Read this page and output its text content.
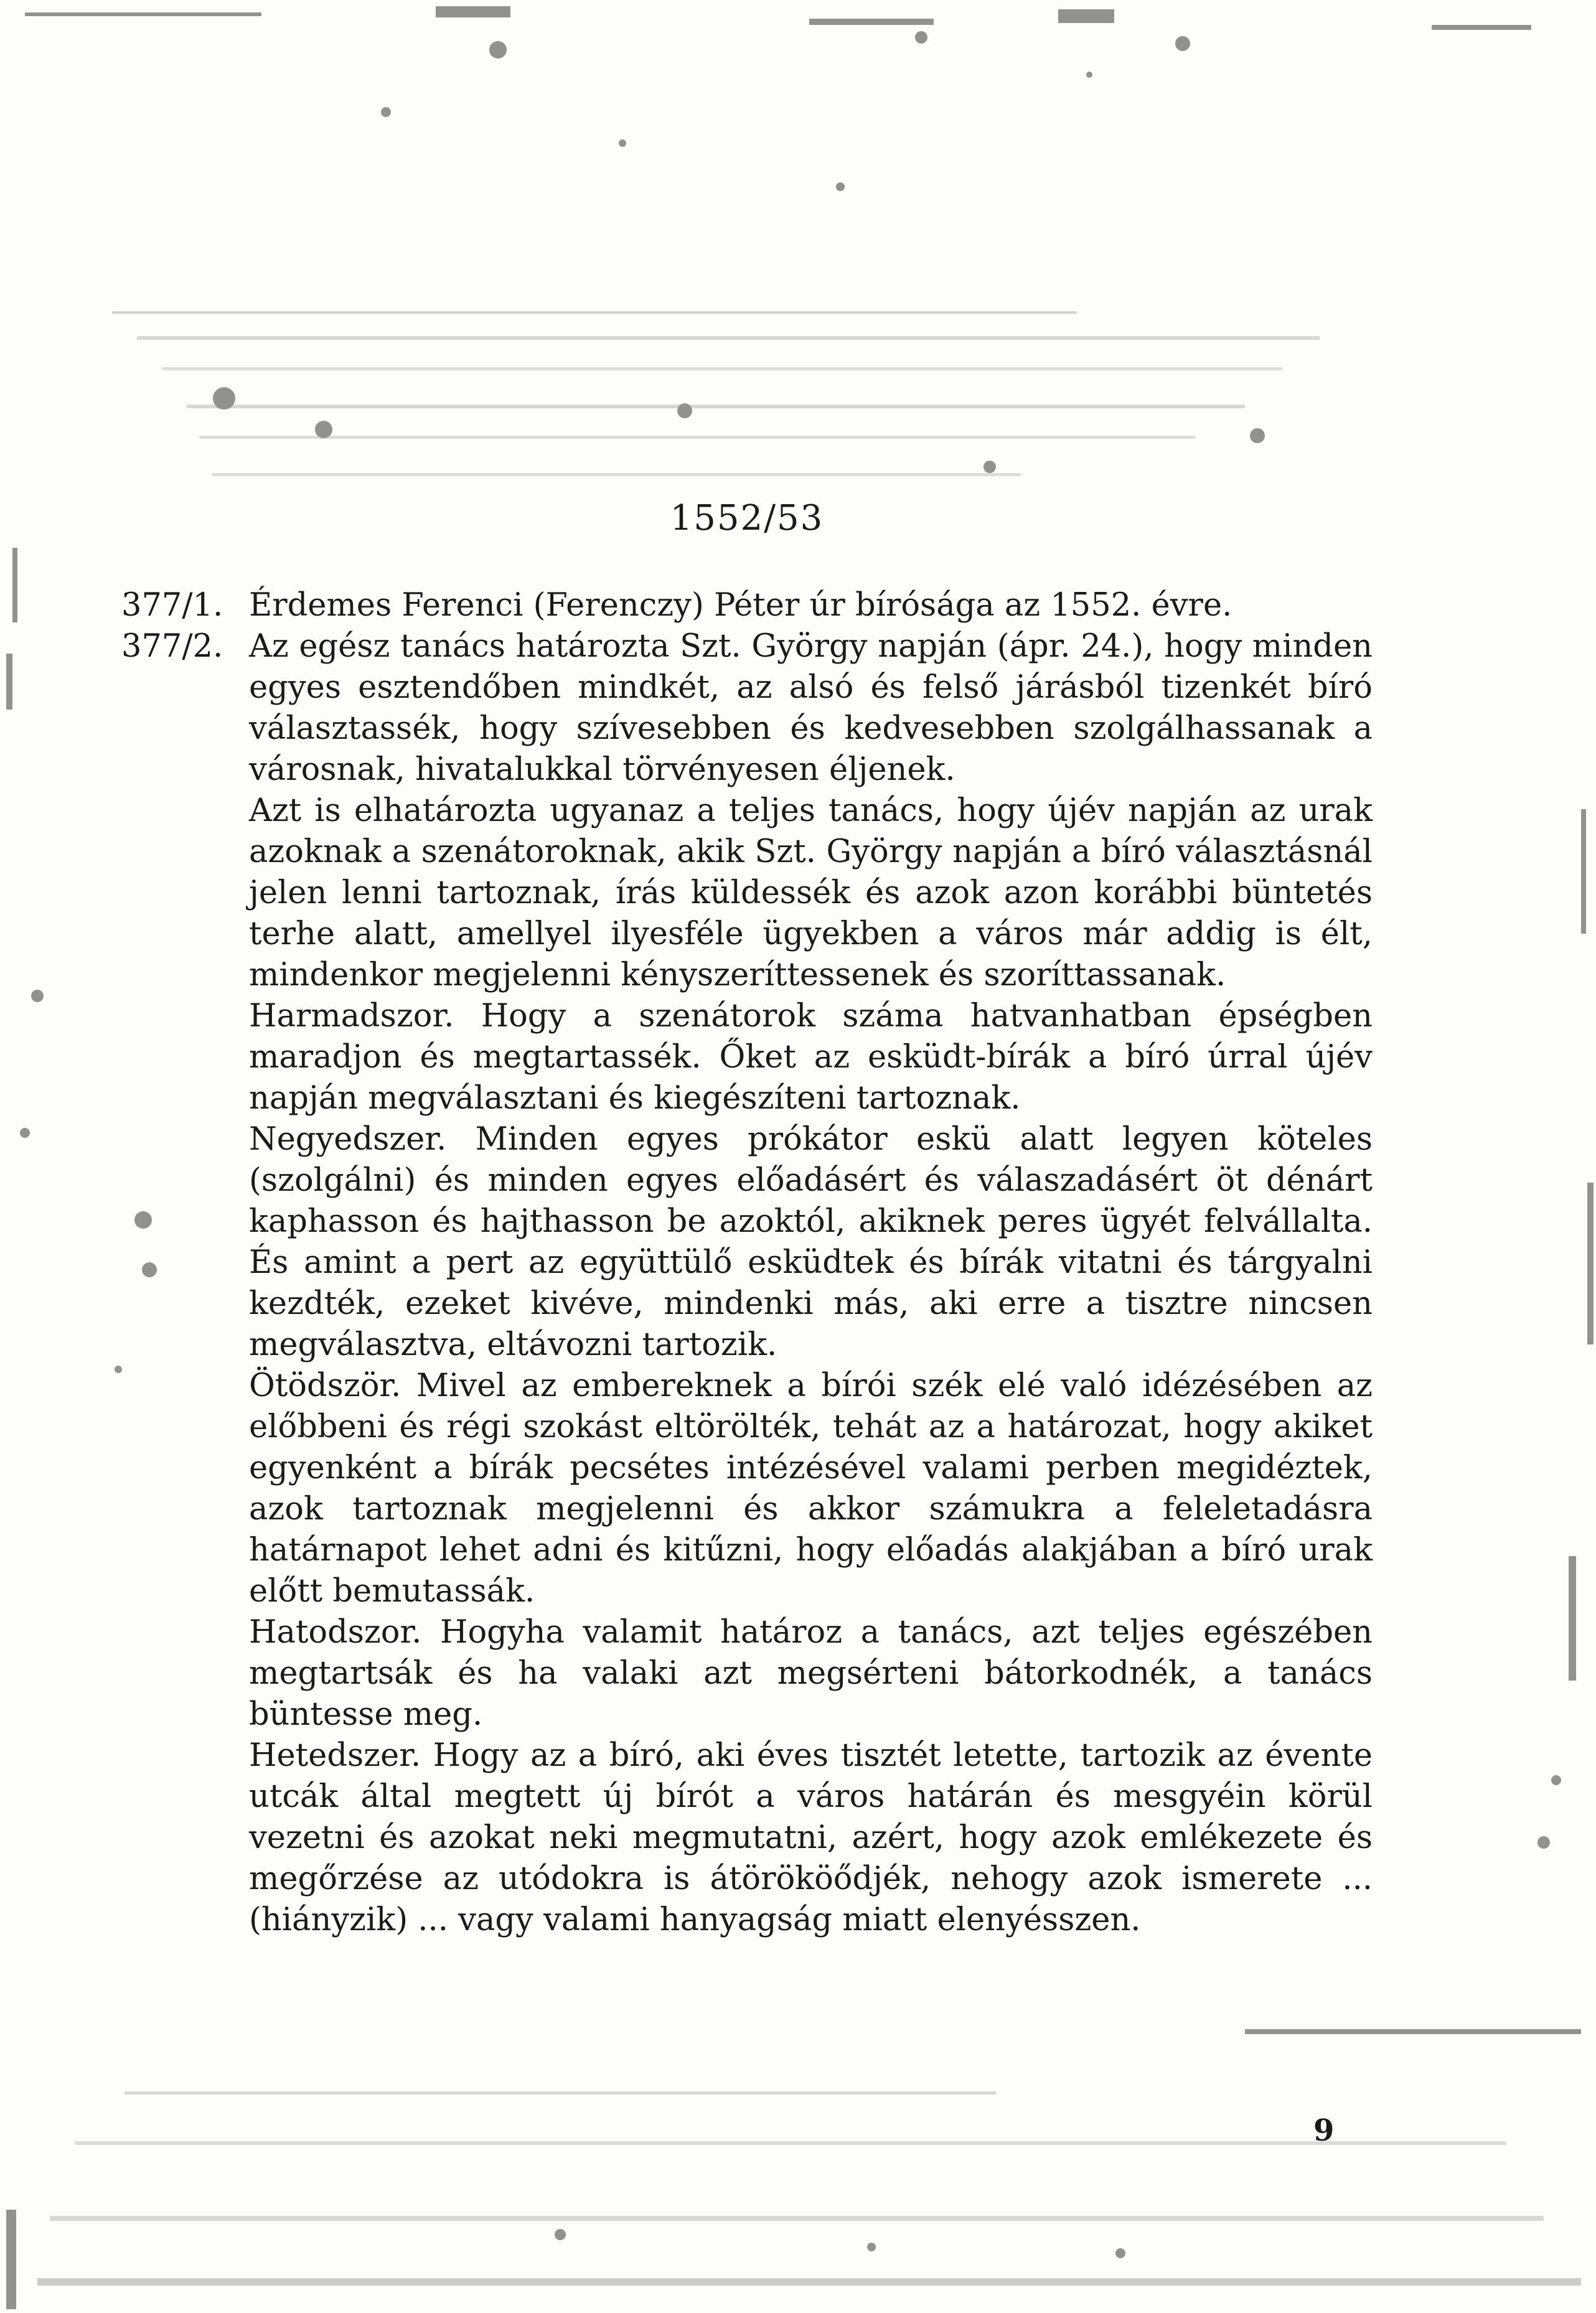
1552/53
377/1. Érdemes Ferenci (Ferenczy) Péter úr bírósága az 1552. évre.

377/2. Az egész tanács határozta Szt. György napján (ápr. 24.), hogy minden egyes esztendőben mindkét, az alsó és felső járásból tizenkét bíró választassék, hogy szívesebben és kedvesebben szolgálhassanak a városnak, hivatalukkal törvényesen éljenek.

Azt is elhatározta ugyanaz a teljes tanács, hogy újév napján az urak azoknak a szenátoroknak, akik Szt. György napján a bíró választásnál jelen lenni tartoznak, írás küldessék és azok azon korábbi büntetés terhe alatt, amellyel ilyesféle ügyekben a város már addig is élt, mindenkor megjelenni kényszeríttessenek és szoríttassanak.

Harmadszor. Hogy a szenátorok száma hatvanhatban épségben maradjon és megtartassék. Őket az esküdt-bírák a bíró úrral újév napján megválasztani és kiegészíteni tartoznak.

Negyedszer. Minden egyes prókátor eskü alatt legyen köteles (szolgálni) és minden egyes előadásért és válaszadásért öt dénárt kaphasson és hajthasson be azoktól, akiknek peres ügyét felvállalta. És amint a pert az együttülő esküdtek és bírák vitatni és tárgyalni kezdték, ezeket kivéve, mindenki más, aki erre a tisztre nincsen megválasztva, eltávozni tartozik.

Ötödször. Mivel az embereknek a bírói szék elé való idézésében az előbbeni és régi szokást eltörölték, tehát az a határozat, hogy akiket egyenként a bírák pecsétes intézésével valami perben megidéztek, azok tartoznak megjelenni és akkor számukra a feleletadásra határnapot lehet adni és kitűzni, hogy előadás alakjában a bíró urak előtt bemutassák.

Hatodszor. Hogyha valamit határoz a tanács, azt teljes egészében megtartsák és ha valaki azt megsérteni bátorkodnék, a tanács büntesse meg.

Hetedszer. Hogy az a bíró, aki éves tisztét letette, tartozik az évente utcák által megtett új bírót a város határán és mesgyéin körül vezetni és azokat neki megmutatni, azért, hogy azok emlékezete és megőrzése az utódokra is átörököődjék, nehogy azok ismerete ... (hiányzik) ... vagy valami hanyagság miatt elenyésszen.

9
